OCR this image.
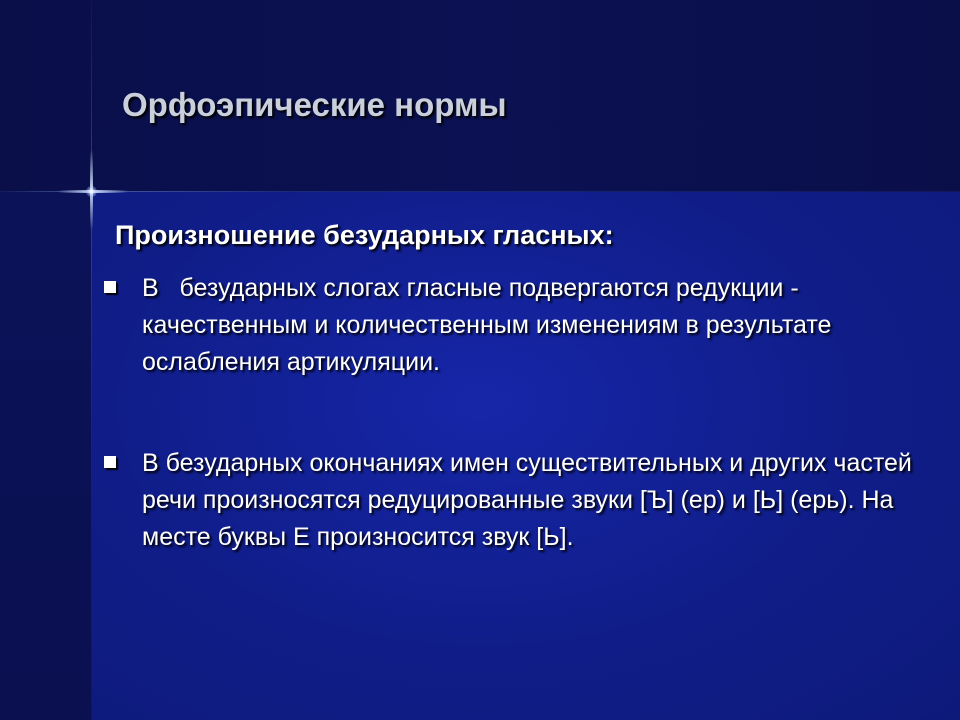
Орфоэпические нормы
Произношение безударных гласных:
В   безударных слогах гласные подвергаются редукции - качественным и количественным изменениям в результате ослабления артикуляции.
В безударных окончаниях имен существительных и других частей речи произносятся редуцированные звуки [Ъ] (ер) и [Ь] (ерь). На месте буквы Е произносится звук [Ь].
